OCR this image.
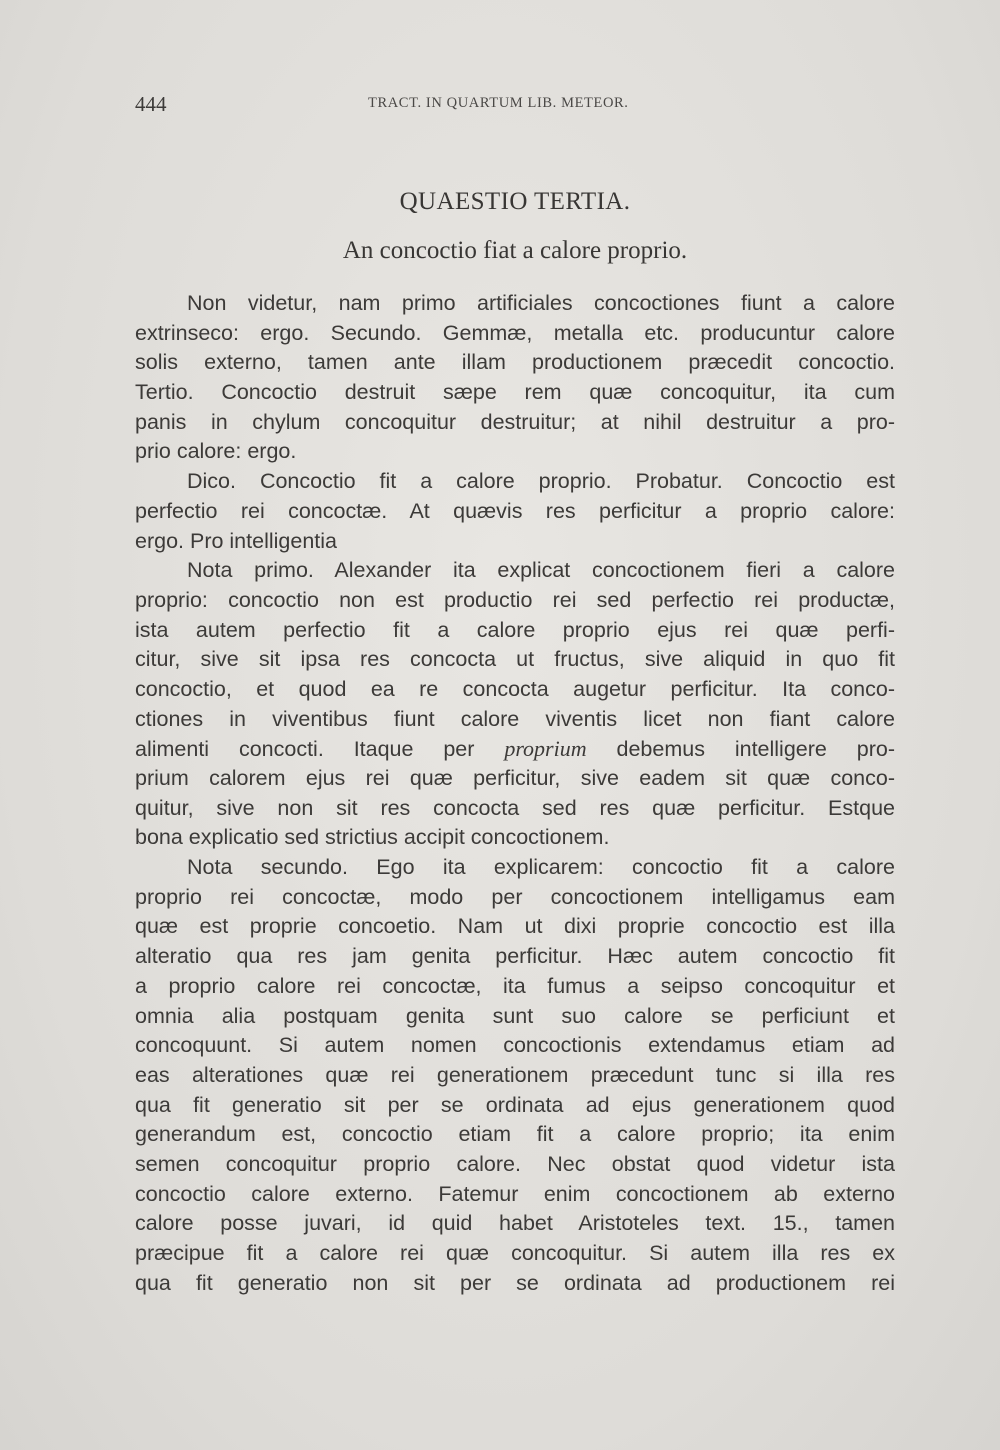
444	TRACT. IN QUARTUM LIB. METEOR.
QUAESTIO TERTIA.
An concoctio fiat a calore proprio.
Non videtur, nam primo artificiales concoctiones fiunt a calore
extrinseco: ergo. Secundo. Gemmæ, metalla etc. producuntur calore
solis externo, tamen ante illam productionem præcedit concoctio.
Tertio. Concoctio destruit sæpe rem quæ concoquitur, ita cum
panis in chylum concoquitur destruitur; at nihil destruitur a pro-
prio calore: ergo.
Dico. Concoctio fit a calore proprio. Probatur. Concoctio est
perfectio rei concoctæ. At quævis res perficitur a proprio calore:
ergo. Pro intelligentia
Nota primo. Alexander ita explicat concoctionem fieri a calore
proprio: concoctio non est productio rei sed perfectio rei productæ,
ista autem perfectio fit a calore proprio ejus rei quæ perfi-
citur, sive sit ipsa res concocta ut fructus, sive aliquid in quo fit
concoctio, et quod ea re concocta augetur perficitur. Ita conco-
ctiones in viventibus fiunt calore viventis licet non fiant calore
alimenti concocti. Itaque per proprium debemus intelligere pro-
prium calorem ejus rei quæ perficitur, sive eadem sit quæ conco-
quitur, sive non sit res concocta sed res quæ perficitur. Estque
bona explicatio sed strictius accipit concoctionem.
Nota secundo. Ego ita explicarem: concoctio fit a calore
proprio rei concoctæ, modo per concoctionem intelligamus eam
quæ est proprie concoetio. Nam ut dixi proprie concoctio est illa
alteratio qua res jam genita perficitur. Hæc autem concoctio fit
a proprio calore rei concoctæ, ita fumus a seipso concoquitur et
omnia alia postquam genita sunt suo calore se perficiunt et
concoquunt. Si autem nomen concoctionis extendamus etiam ad
eas alterationes quæ rei generationem præcedunt tunc si illa res
qua fit generatio sit per se ordinata ad ejus generationem quod
generandum est, concoctio etiam fit a calore proprio; ita enim
semen concoquitur proprio calore. Nec obstat quod videtur ista
concoctio calore externo. Fatemur enim concoctionem ab externo
calore posse juvari, id quid habet Aristoteles text. 15., tamen
præcipue fit a calore rei quæ concoquitur. Si autem illa res ex
qua fit generatio non sit per se ordinata ad productionem rei
